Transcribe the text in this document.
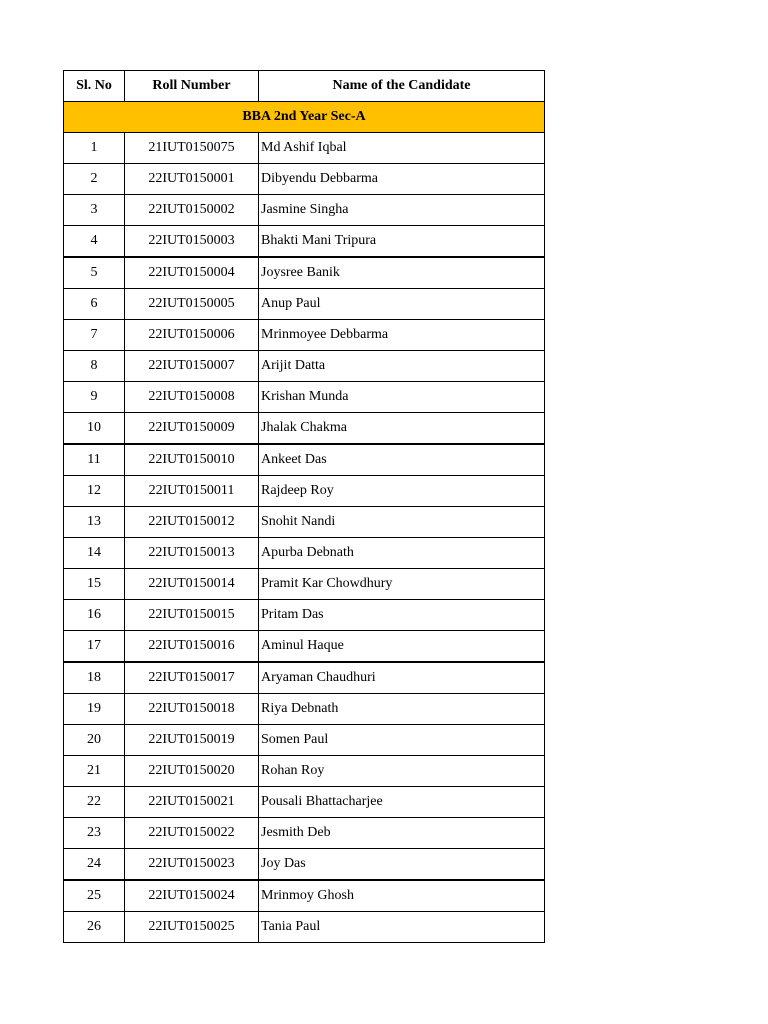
Sl. No	Roll Number	Name of the Candidate
BBA 2nd Year Sec-A		
1	21IUT0150075	Md Ashif Iqbal
2	22IUT0150001	Dibyendu Debbarma
3	22IUT0150002	Jasmine Singha
4	22IUT0150003	Bhakti Mani Tripura
5	22IUT0150004	Joysree Banik
6	22IUT0150005	Anup Paul
7	22IUT0150006	Mrinmoyee Debbarma
8	22IUT0150007	Arijit Datta
9	22IUT0150008	Krishan Munda
10	22IUT0150009	Jhalak Chakma
11	22IUT0150010	Ankeet Das
12	22IUT0150011	Rajdeep Roy
13	22IUT0150012	Snohit Nandi
14	22IUT0150013	Apurba Debnath
15	22IUT0150014	Pramit Kar Chowdhury
16	22IUT0150015	Pritam Das
17	22IUT0150016	Aminul Haque
18	22IUT0150017	Aryaman Chaudhuri
19	22IUT0150018	Riya Debnath
20	22IUT0150019	Somen Paul
21	22IUT0150020	Rohan Roy
22	22IUT0150021	Pousali Bhattacharjee
23	22IUT0150022	Jesmith Deb
24	22IUT0150023	Joy Das
25	22IUT0150024	Mrinmoy Ghosh
26	22IUT0150025	Tania Paul
